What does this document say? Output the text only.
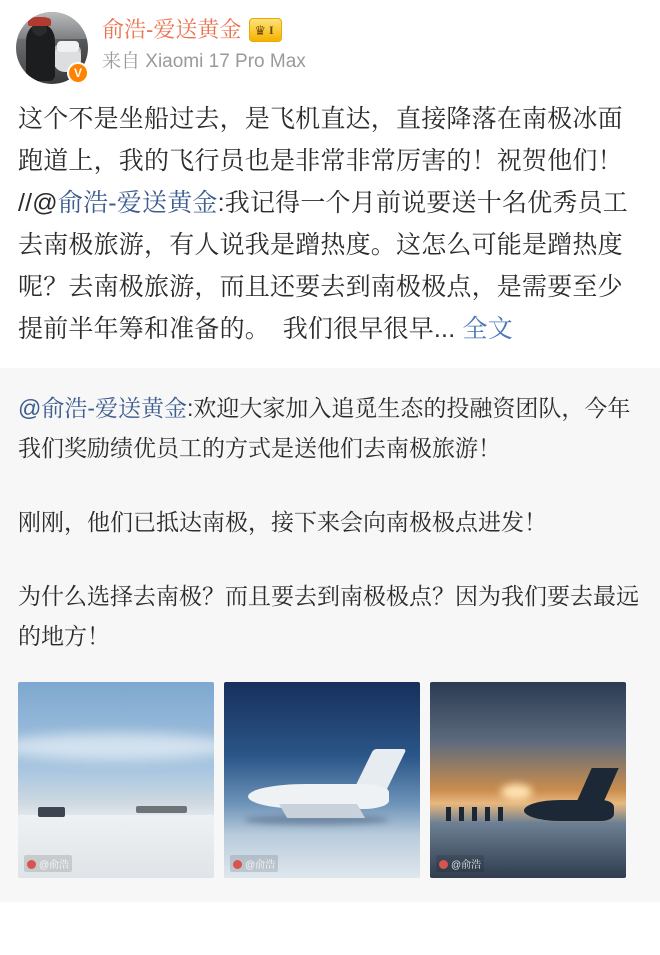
V
俞浩-爱送黄金 ♛ I
来自 Xiaomi 17 Pro Max
这个不是坐船过去，是飞机直达，直接降落在南极冰面跑道上，我的飞行员也是非常非常厉害的！祝贺他们！　//@俞浩-爱送黄金:我记得一个月前说要送十名优秀员工去南极旅游，有人说我是蹭热度。这怎么可能是蹭热度呢？去南极旅游，而且还要去到南极极点，是需要至少提前半年筹和准备的。　我们很早很早... 全文
@俞浩-爱送黄金:欢迎大家加入追觅生态的投融资团队，今年我们奖励绩优员工的方式是送他们去南极旅游！
刚刚，他们已抵达南极，接下来会向南极极点进发！
为什么选择去南极？而且要去到南极极点？因为我们要去最远的地方！
@俞浩	@俞浩	@俞浩
